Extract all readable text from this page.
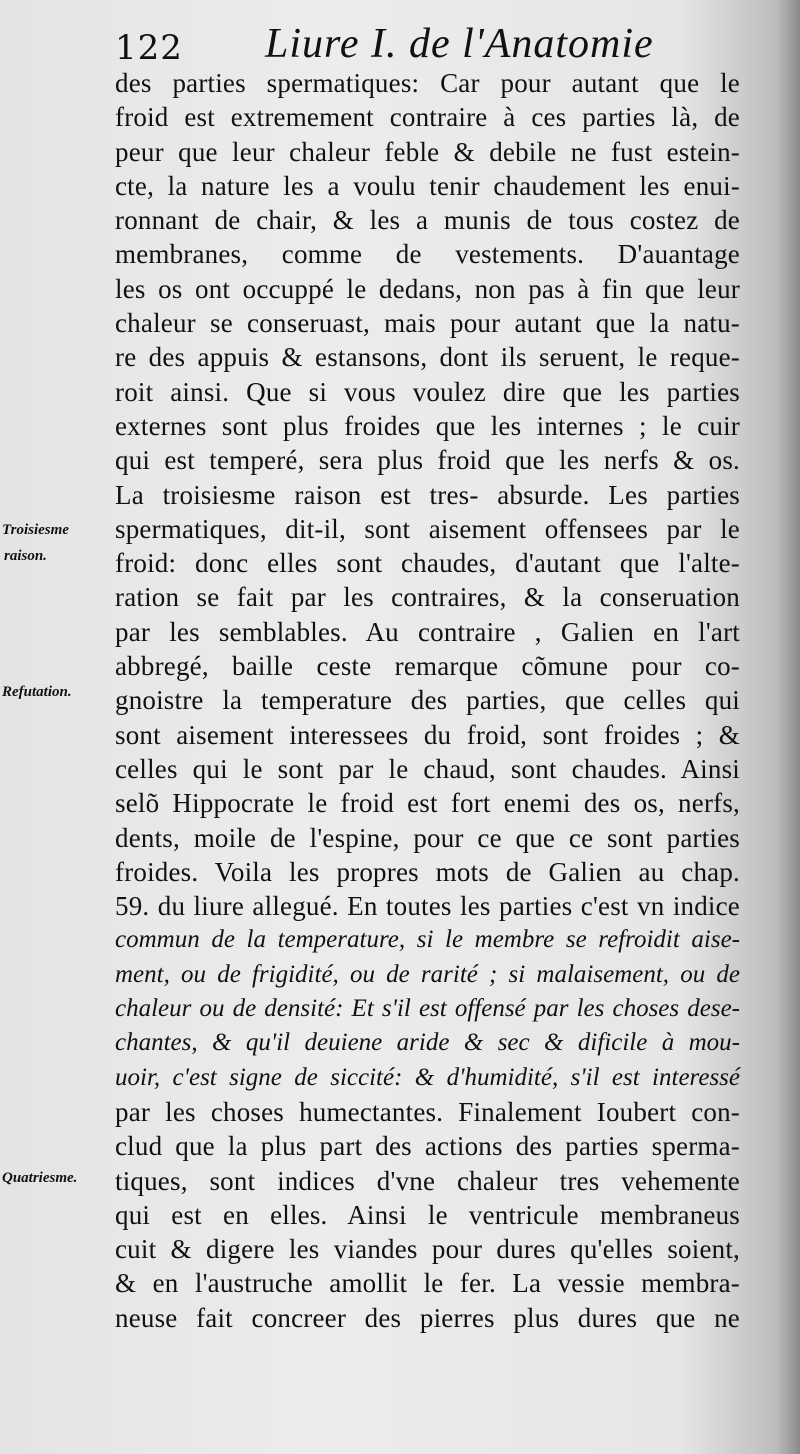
122 Liure I. de l'Anatomie
Troisiesme
raison.
Refutation.
Quatriesme.
des parties spermatiques: Car pour autant que le
froid est extremement contraire à ces parties là, de
peur que leur chaleur feble & debile ne fust estein-
cte, la nature les a voulu tenir chaudement les enui-
ronnant de chair, & les a munis de tous costez de
membranes, comme de vestements. D'auantage
les os ont occuppé le dedans, non pas à fin que leur
chaleur se conseruast, mais pour autant que la natu-
re des appuis & estansons, dont ils seruent, le reque-
roit ainsi. Que si vous voulez dire que les parties
externes sont plus froides que les internes ; le cuir
qui est temperé, sera plus froid que les nerfs & os.
La troisiesme raison est tres- absurde. Les parties
spermatiques, dit-il, sont aisement offensees par le
froid: donc elles sont chaudes, d'autant que l'alte-
ration se fait par les contraires, & la conseruation
par les semblables. Au contraire , Galien en l'art
abbregé, baille ceste remarque cõmune pour co-
gnoistre la temperature des parties, que celles qui
sont aisement interessees du froid, sont froides ; &
celles qui le sont par le chaud, sont chaudes. Ainsi
selõ Hippocrate le froid est fort enemi des os, nerfs,
dents, moile de l'espine, pour ce que ce sont parties
froides. Voila les propres mots de Galien au chap.
59. du liure allegué. En toutes les parties c'est vn indice
commun de la temperature, si le membre se refroidit aise-
ment, ou de frigidité, ou de rarité ; si malaisement, ou de
chaleur ou de densité: Et s'il est offensé par les choses dese-
chantes, & qu'il deuiene aride & sec & dificile à mou-
uoir, c'est signe de siccité: & d'humidité, s'il est interessé
par les choses humectantes. Finalement Ioubert con-
clud que la plus part des actions des parties sperma-
tiques, sont indices d'vne chaleur tres vehemente
qui est en elles. Ainsi le ventricule membraneus
cuit & digere les viandes pour dures qu'elles soient,
& en l'austruche amollit le fer. La vessie membra-
neuse fait concreer des pierres plus dures que ne
